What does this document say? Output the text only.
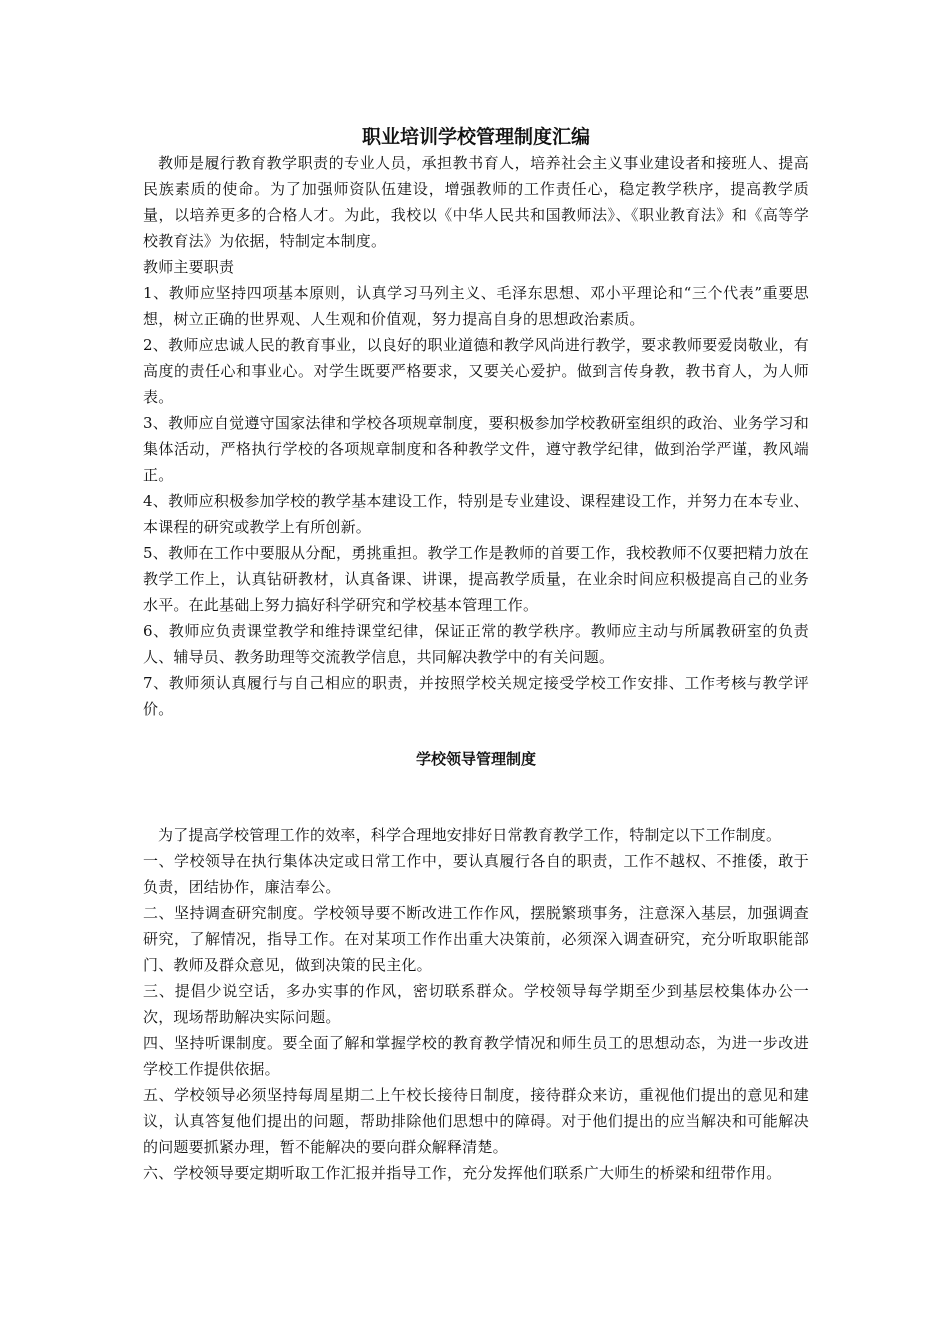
职业培训学校管理制度汇编

教师是履行教育教学职责的专业人员，承担教书育人，培养社会主义事业建设者和接班人、提高民族素质的使命。为了加强师资队伍建设，增强教师的工作责任心，稳定教学秩序，提高教学质量，以培养更多的合格人才。为此，我校以《中华人民共和国教师法》、《职业教育法》和《高等学校教育法》为依据，特制定本制度。

教师主要职责

1、教师应坚持四项基本原则，认真学习马列主义、毛泽东思想、邓小平理论和“三个代表”重要思想，树立正确的世界观、人生观和价值观，努力提高自身的思想政治素质。

2、教师应忠诚人民的教育事业，以良好的职业道德和教学风尚进行教学，要求教师要爱岗敬业，有高度的责任心和事业心。对学生既要严格要求，又要关心爱护。做到言传身教，教书育人，为人师表。

3、教师应自觉遵守国家法律和学校各项规章制度，要积极参加学校教研室组织的政治、业务学习和集体活动，严格执行学校的各项规章制度和各种教学文件，遵守教学纪律，做到治学严谨，教风端正。

4、教师应积极参加学校的教学基本建设工作，特别是专业建设、课程建设工作，并努力在本专业、本课程的研究或教学上有所创新。

5、教师在工作中要服从分配，勇挑重担。教学工作是教师的首要工作，我校教师不仅要把精力放在教学工作上，认真钻研教材，认真备课、讲课，提高教学质量，在业余时间应积极提高自己的业务水平。在此基础上努力搞好科学研究和学校基本管理工作。

6、教师应负责课堂教学和维持课堂纪律，保证正常的教学秩序。教师应主动与所属教研室的负责人、辅导员、教务助理等交流教学信息，共同解决教学中的有关问题。

7、教师须认真履行与自己相应的职责，并按照学校关规定接受学校工作安排、工作考核与教学评价。

学校领导管理制度

为了提高学校管理工作的效率，科学合理地安排好日常教育教学工作，特制定以下工作制度。

一、学校领导在执行集体决定或日常工作中，要认真履行各自的职责，工作不越权、不推倭，敢于负责，团结协作，廉洁奉公。

二、坚持调查研究制度。学校领导要不断改进工作作风，摆脱繁琐事务，注意深入基层，加强调查研究，了解情况，指导工作。在对某项工作作出重大决策前，必须深入调查研究，充分听取职能部门、教师及群众意见，做到决策的民主化。

三、提倡少说空话，多办实事的作风，密切联系群众。学校领导每学期至少到基层校集体办公一次，现场帮助解决实际问题。

四、坚持听课制度。要全面了解和掌握学校的教育教学情况和师生员工的思想动态，为进一步改进学校工作提供依据。

五、学校领导必须坚持每周星期二上午校长接待日制度，接待群众来访，重视他们提出的意见和建议，认真答复他们提出的问题，帮助排除他们思想中的障碍。对于他们提出的应当解决和可能解决的问题要抓紧办理，暂不能解决的要向群众解释清楚。

六、学校领导要定期听取工作汇报并指导工作，充分发挥他们联系广大师生的桥梁和纽带作用。
